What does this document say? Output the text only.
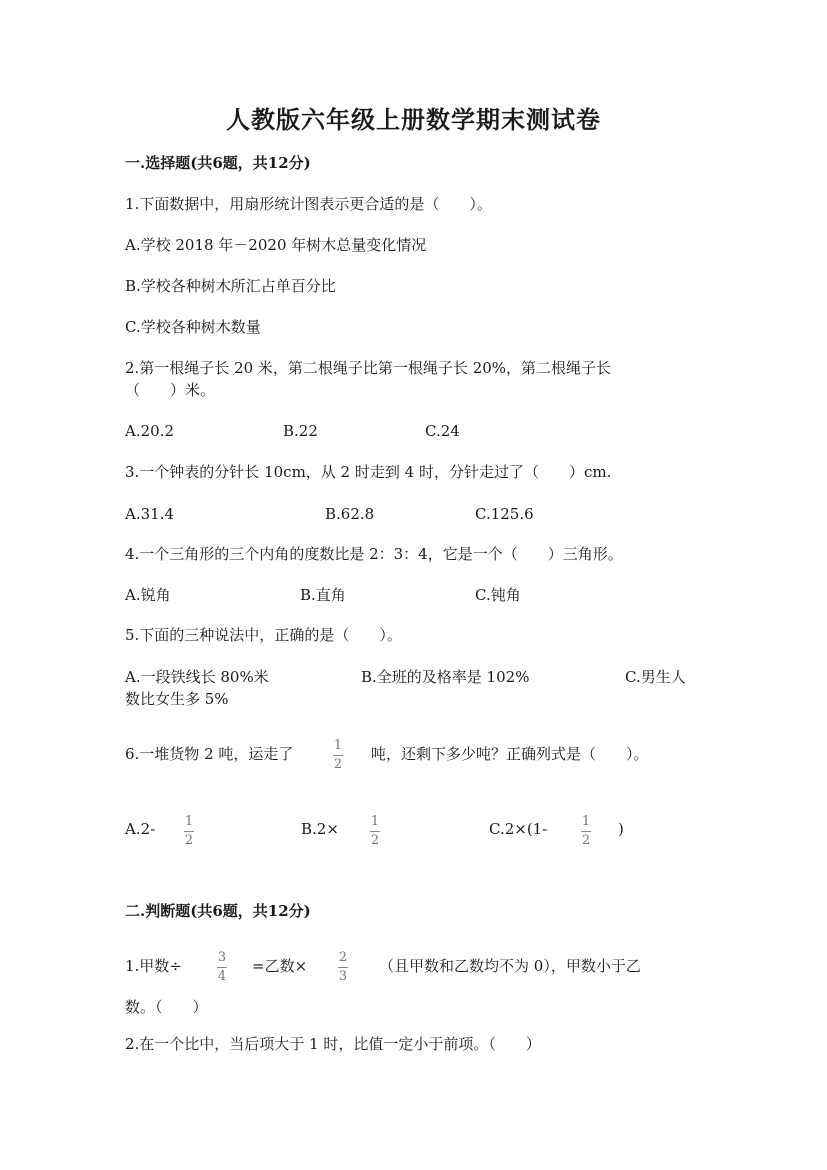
人教版六年级上册数学期末测试卷
一.选择题(共6题，共12分)
1.下面数据中，用扇形统计图表示更合适的是（　　）。
A.学校 2018 年－2020 年树木总量变化情况
B.学校各种树木所汇占单百分比
C.学校各种树木数量
2.第一根绳子长 20 米，第二根绳子比第一根绳子长 20%，第二根绳子长
（　　）米。
A.20.2	B.22	C.24
3.一个钟表的分针长 10cm，从 2 时走到 4 时，分针走过了（　　）cm.
A.31.4	B.62.8	C.125.6
4.一个三角形的三个内角的度数比是 2：3：4，它是一个（　　）三角形。
A.锐角	B.直角	C.钝角
5.下面的三种说法中，正确的是（　　）。
A.一段铁线长 80%米	B.全班的及格率是 102%	C.男生人
数比女生多 5%
6.一堆货物 2 吨，运走了	1
2
吨，还剩下多少吨？正确列式是（　　）。
A.2- 1
2
B.2× 1
2
C.2×(1-	1
2
)
二.判断题(共6题，共12分)
1.甲数÷	3
4
=乙数× 2
3
（且甲数和乙数均不为 0），甲数小于乙
数。（　　）
2.在一个比中，当后项大于 1 时，比值一定小于前项。（　　）
